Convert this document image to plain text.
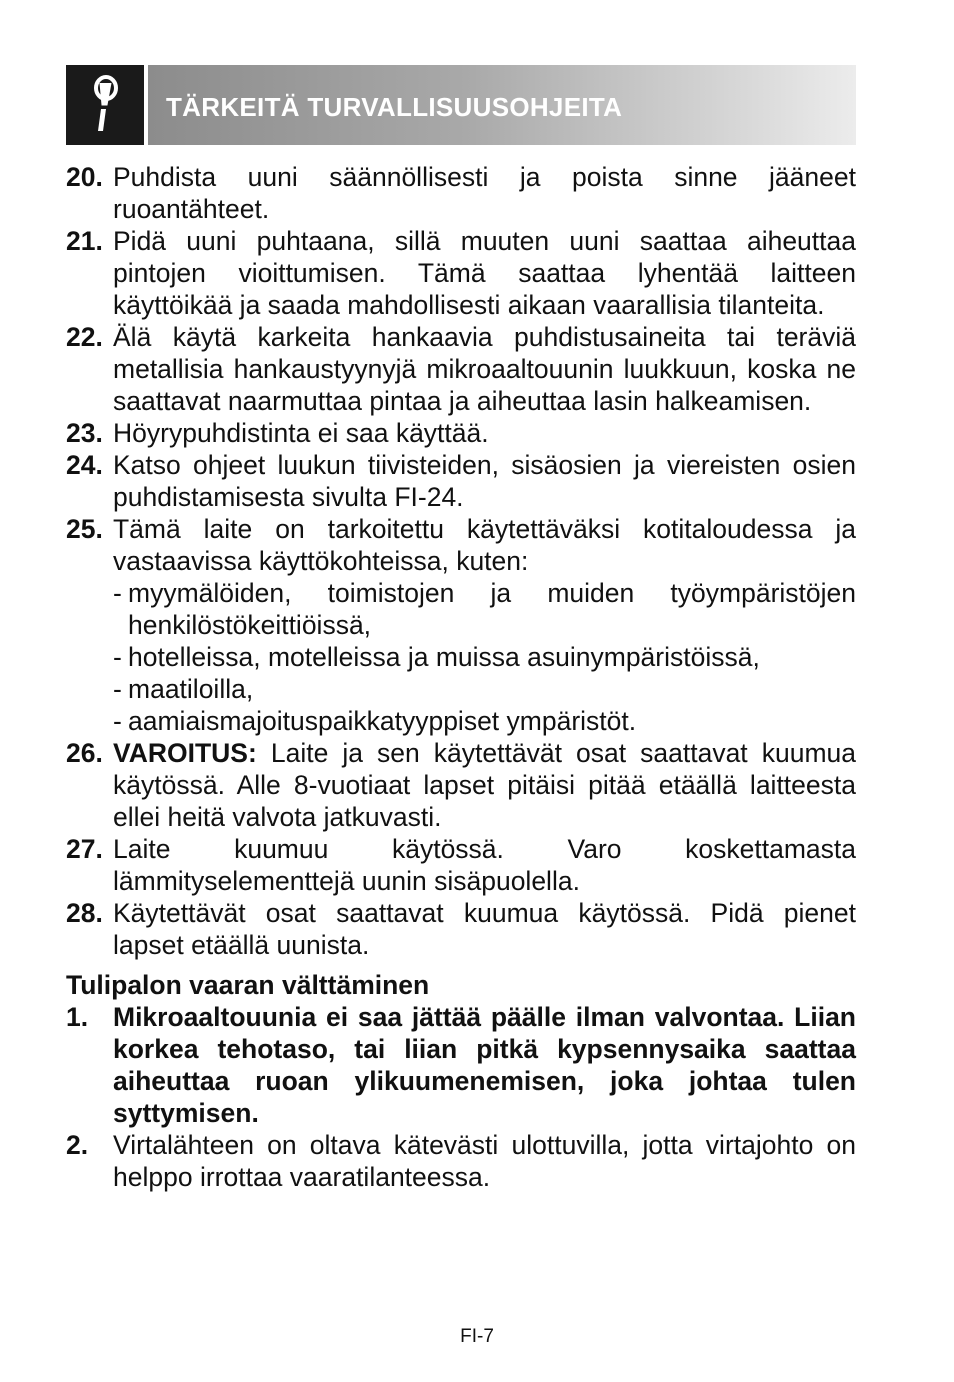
TÄRKEITÄ TURVALLISUUSOHJEITA
20. Puhdista uuni säännöllisesti ja poista sinne jääneet ruoantähteet.
21. Pidä uuni puhtaana, sillä muuten uuni saattaa aiheuttaa pintojen vioittumisen. Tämä saattaa lyhentää laitteen käyttöikää ja saada mahdollisesti aikaan vaarallisia tilanteita.
22. Älä käytä karkeita hankaavia puhdistusaineita tai teräviä metallisia hankaustyynyjä mikroaaltouunin luukkuun, koska ne saattavat naarmuttaa pintaa ja aiheuttaa lasin halkeamisen.
23. Höyrypuhdistinta ei saa käyttää.
24. Katso ohjeet luukun tiivisteiden, sisäosien ja viereisten osien puhdistamisesta sivulta FI-24.
25. Tämä laite on tarkoitettu käytettäväksi kotitaloudessa ja vastaavissa käyttökohteissa, kuten:
- myymälöiden, toimistojen ja muiden työympäristöjen henkilöstökeittiöissä,
- hotelleissa, motelleissa ja muissa asuinympäristöissä,
- maatiloilla,
- aamiaismajoituspaikkatyyppiset ympäristöt.
26. VAROITUS: Laite ja sen käytettävät osat saattavat kuumua käytössä. Alle 8-vuotiaat lapset pitäisi pitää etäällä laitteesta ellei heitä valvota jatkuvasti.
27. Laite kuumuu käytössä. Varo koskettamasta lämmityselementtejä uunin sisäpuolella.
28. Käytettävät osat saattavat kuumua käytössä. Pidä pienet lapset etäällä uunista.
Tulipalon vaaran välttäminen
1. Mikroaaltouunia ei saa jättää päälle ilman valvontaa. Liian korkea tehotaso, tai liian pitkä kypsennysaika saattaa aiheuttaa ruoan ylikuumenemisen, joka johtaa tulen syttymisen.
2. Virtalähteen on oltava kätevästi ulottuvilla, jotta virtajohto on helppo irrottaa vaaratilanteessa.
FI-7
